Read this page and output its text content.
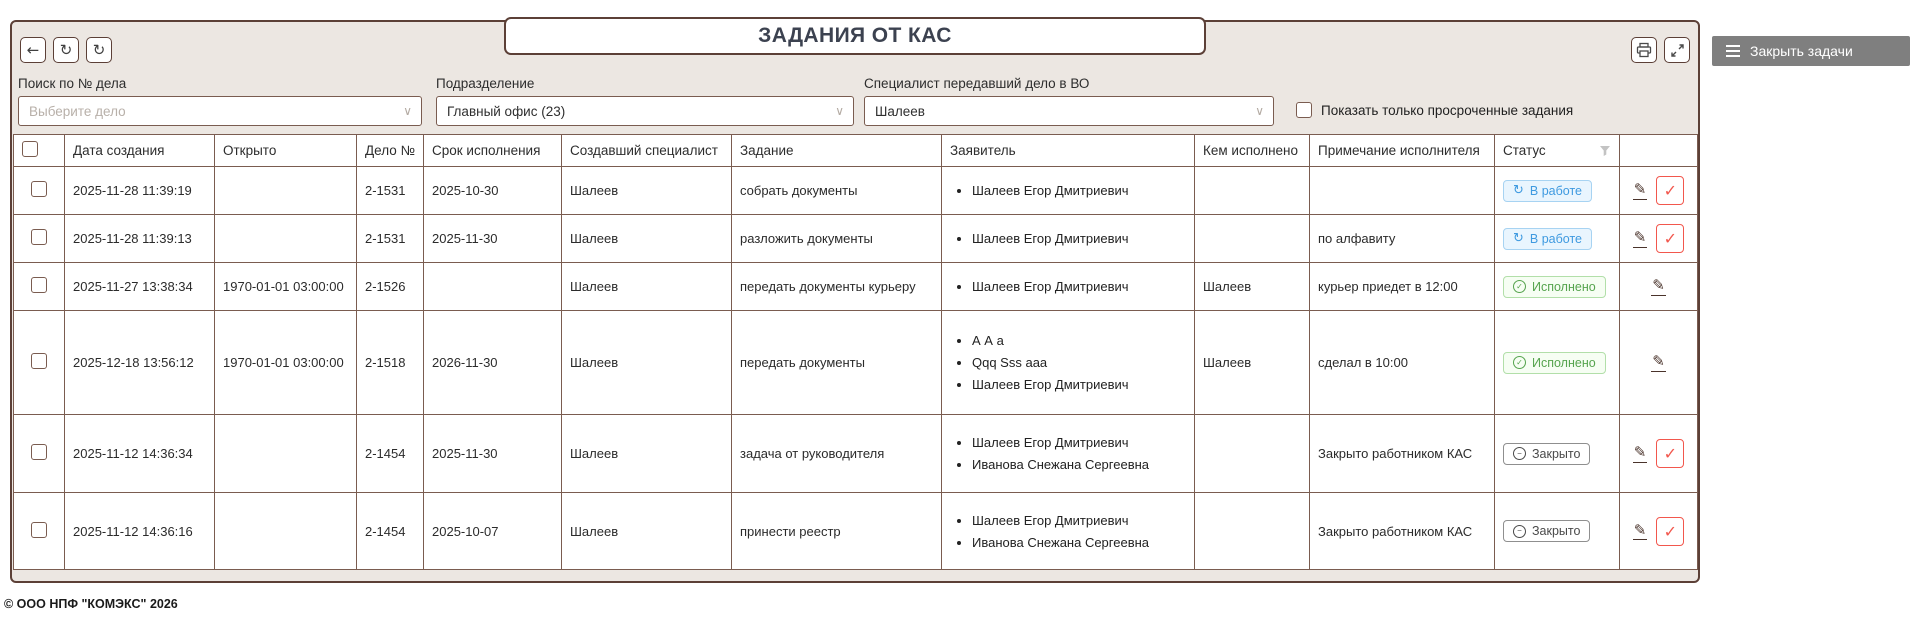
Закрыть задачи
ЗАДАНИЯ ОТ КАС
← ↻ ↻
Поиск по № дела
Выберите дело	∨
Подразделение
Главный офис (23)	∨
Специалист передавший дело в ВО
Шалеев	∨	Показать только просроченные задания
	Дата создания	Открыто	Дело №	Срок исполнения	Создавший специалист	Задание	Заявитель	Кем исполнено	Примечание исполнителя	Статус	

	2025-11-28 11:39:19		2-1531	2025-10-30	Шалеев	собрать документы	
•Шалеев Егор Дмитриевич			↻ В работе	✎	✓

	2025-11-28 11:39:13		2-1531	2025-11-30	Шалеев	разложить документы	
•Шалеев Егор Дмитриевич		по алфавиту	↻ В работе	✎	✓

	2025-11-27 13:38:34	1970-01-01 03:00:00	2-1526		Шалеев	передать документы курьеру	
•Шалеев Егор Дмитриевич	Шалеев	курьер приедет в 12:00	✓ Исполнено	✎

	2025-12-18 13:56:12	1970-01-01 03:00:00	2-1518	2026-11-30	Шалеев	передать документы	
• А А а
• Qqq Sss aaa
• Шалеев Егор Дмитриевич
	Шалеев	сделал в 10:00	✓ Исполнено	✎

	2025-11-12 14:36:34		2-1454	2025-11-30	Шалеев	задача от руководителя	
• Шалеев Егор Дмитриевич
• Иванова Снежана Сергеевна
		Закрыто работником КАС	− Закрыто	✎	✓

	2025-11-12 14:36:16		2-1454	2025-10-07	Шалеев	принести реестр	
• Шалеев Егор Дмитриевич
• Иванова Снежана Сергеевна
		Закрыто работником КАС	− Закрыто	✎	✓
© ООО НПФ "КОМЭКС" 2026
